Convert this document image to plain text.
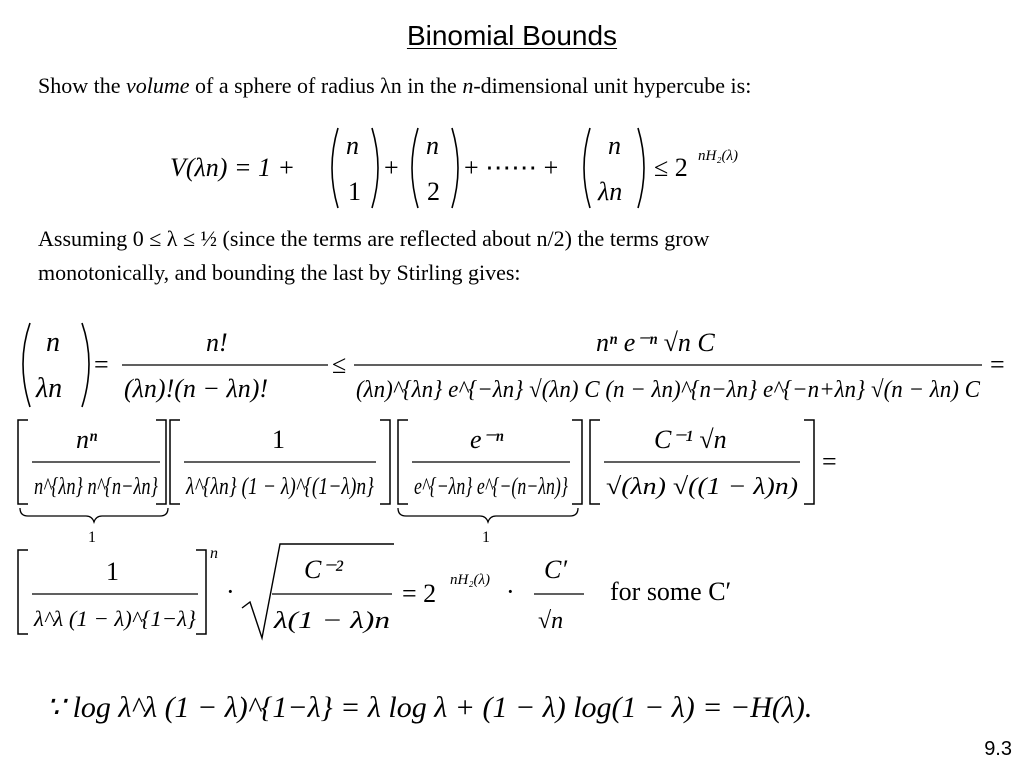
Binomial Bounds
Show the volume of a sphere of radius λn in the n-dimensional unit hypercube is:
V(λn) = 1 +
n
1
+
n
2
+ ⋯⋯ +
n
λn
≤ 2 nH₂(λ)
Assuming 0 ≤ λ ≤ ½ (since the terms are reflected about n/2) the terms grow
monotonically, and bounding the last by Stirling gives:
n
λn
=
n!
(λn)!(n − λn)!
≤
nⁿ e⁻ⁿ √n C
(λn)^{λn} e^{−λn} √(λn) C (n − λn)^{n−λn} e^{−n+λn} √(n − λn) C
=
nⁿ
n^{λn} n^{n−λn}
1
λ^{λn} (1 − λ)^{(1−λ)n}
e⁻ⁿ
e^{−λn} e^{−(n−λn)}
C⁻¹ √n
√(λn) √((1 − λ)n)
=
1	1
1
λ^λ (1 − λ)^{1−λ}
n
·
C⁻²
λ(1 − λ)n
= 2 nH₂(λ) ·
C′
√n
for some C′
∵ log λ^λ (1 − λ)^{1−λ} = λ log λ + (1 − λ) log(1 − λ) = −H(λ).
9.3
